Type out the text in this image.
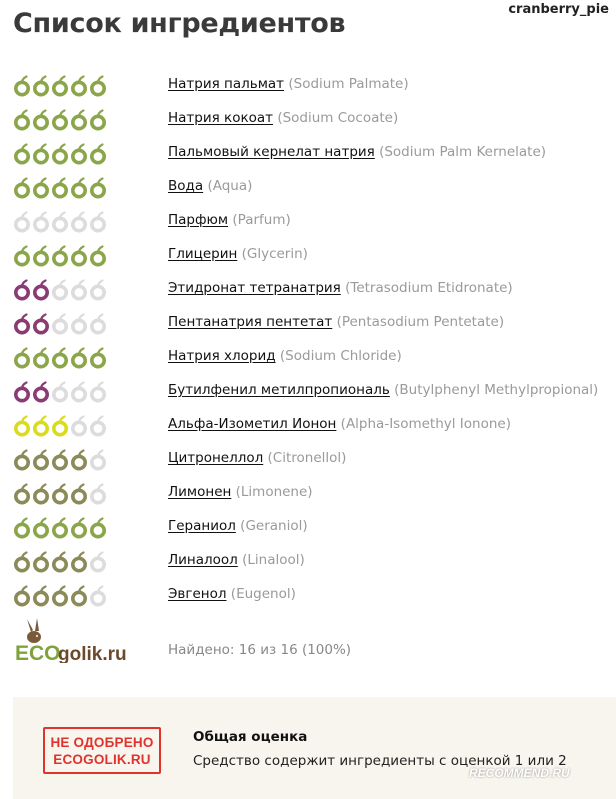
Список ингредиентов	cranberry_pie
Натрия пальмат (Sodium Palmate)
Натрия кокоат (Sodium Cocoate)
Пальмовый кернелат натрия (Sodium Palm Kernelate)
Вода (Aqua)
Парфюм (Parfum)
Глицерин (Glycerin)
Этидронат тетранатрия (Tetrasodium Etidronate)
Пентанатрия пентетат (Pentasodium Pentetate)
Натрия хлорид (Sodium Chloride)
Бутилфенил метилпропиональ (Butylphenyl Methylpropional)
Альфа-Изометил Ионон (Alpha-Isomethyl Ionone)
Цитронеллол (Citronellol)
Лимонен (Limonene)
Гераниол (Geraniol)
Линалоол (Linalool)
Эвгенол (Eugenol)
ECO
golik.ru	Найдено: 16 из 16 (100%)
НЕ ОДОБРЕНО
ECOGOLIK.RU
Общая оценка
Средство содержит ингредиенты с оценкой 1 или 2
RECOMMEND.RU
